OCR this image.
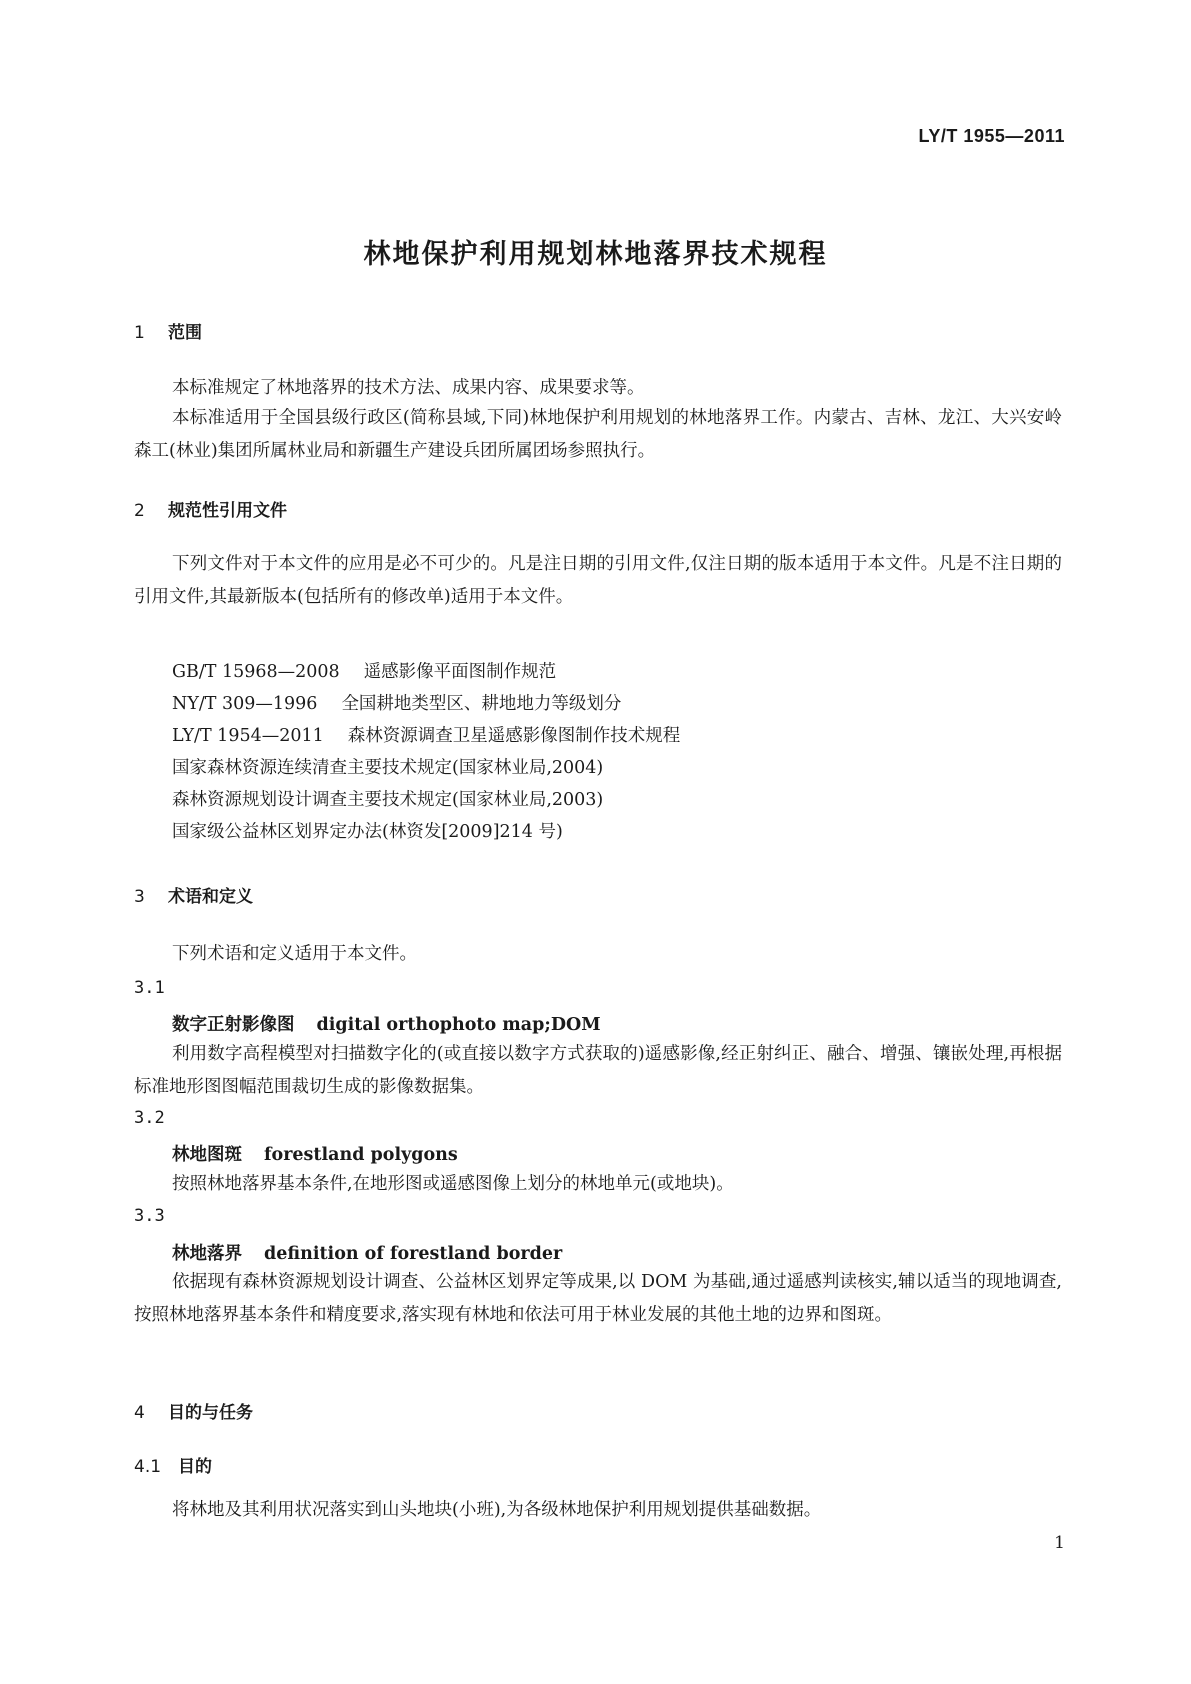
LY/T 1955—2011
林地保护利用规划林地落界技术规程
1 范围

本标准规定了林地落界的技术方法、成果内容、成果要求等。

本标准适用于全国县级行政区(简称县域,下同)林地保护利用规划的林地落界工作。内蒙古、吉林、龙江、大兴安岭森工(林业)集团所属林业局和新疆生产建设兵团所属团场参照执行。

2 规范性引用文件

下列文件对于本文件的应用是必不可少的。凡是注日期的引用文件,仅注日期的版本适用于本文件。凡是不注日期的引用文件,其最新版本(包括所有的修改单)适用于本文件。

GB/T 15968—2008 遥感影像平面图制作规范
NY/T 309—1996 全国耕地类型区、耕地地力等级划分
LY/T 1954—2011 森林资源调查卫星遥感影像图制作技术规程
国家森林资源连续清查主要技术规定(国家林业局,2004)
森林资源规划设计调查主要技术规定(国家林业局,2003)
国家级公益林区划界定办法(林资发[2009]214 号)
3 术语和定义

下列术语和定义适用于本文件。

3.1
数字正射影像图 digital orthophoto map;DOM

利用数字高程模型对扫描数字化的(或直接以数字方式获取的)遥感影像,经正射纠正、融合、增强、镶嵌处理,再根据标准地形图图幅范围裁切生成的影像数据集。

3.2
林地图斑 forestland polygons

按照林地落界基本条件,在地形图或遥感图像上划分的林地单元(或地块)。

3.3
林地落界 definition of forestland border

依据现有森林资源规划设计调查、公益林区划界定等成果,以 DOM 为基础,通过遥感判读核实,辅以适当的现地调查,按照林地落界基本条件和精度要求,落实现有林地和依法可用于林业发展的其他土地的边界和图斑。

4 目的与任务
4.1 目的

将林地及其利用状况落实到山头地块(小班),为各级林地保护利用规划提供基础数据。

1
